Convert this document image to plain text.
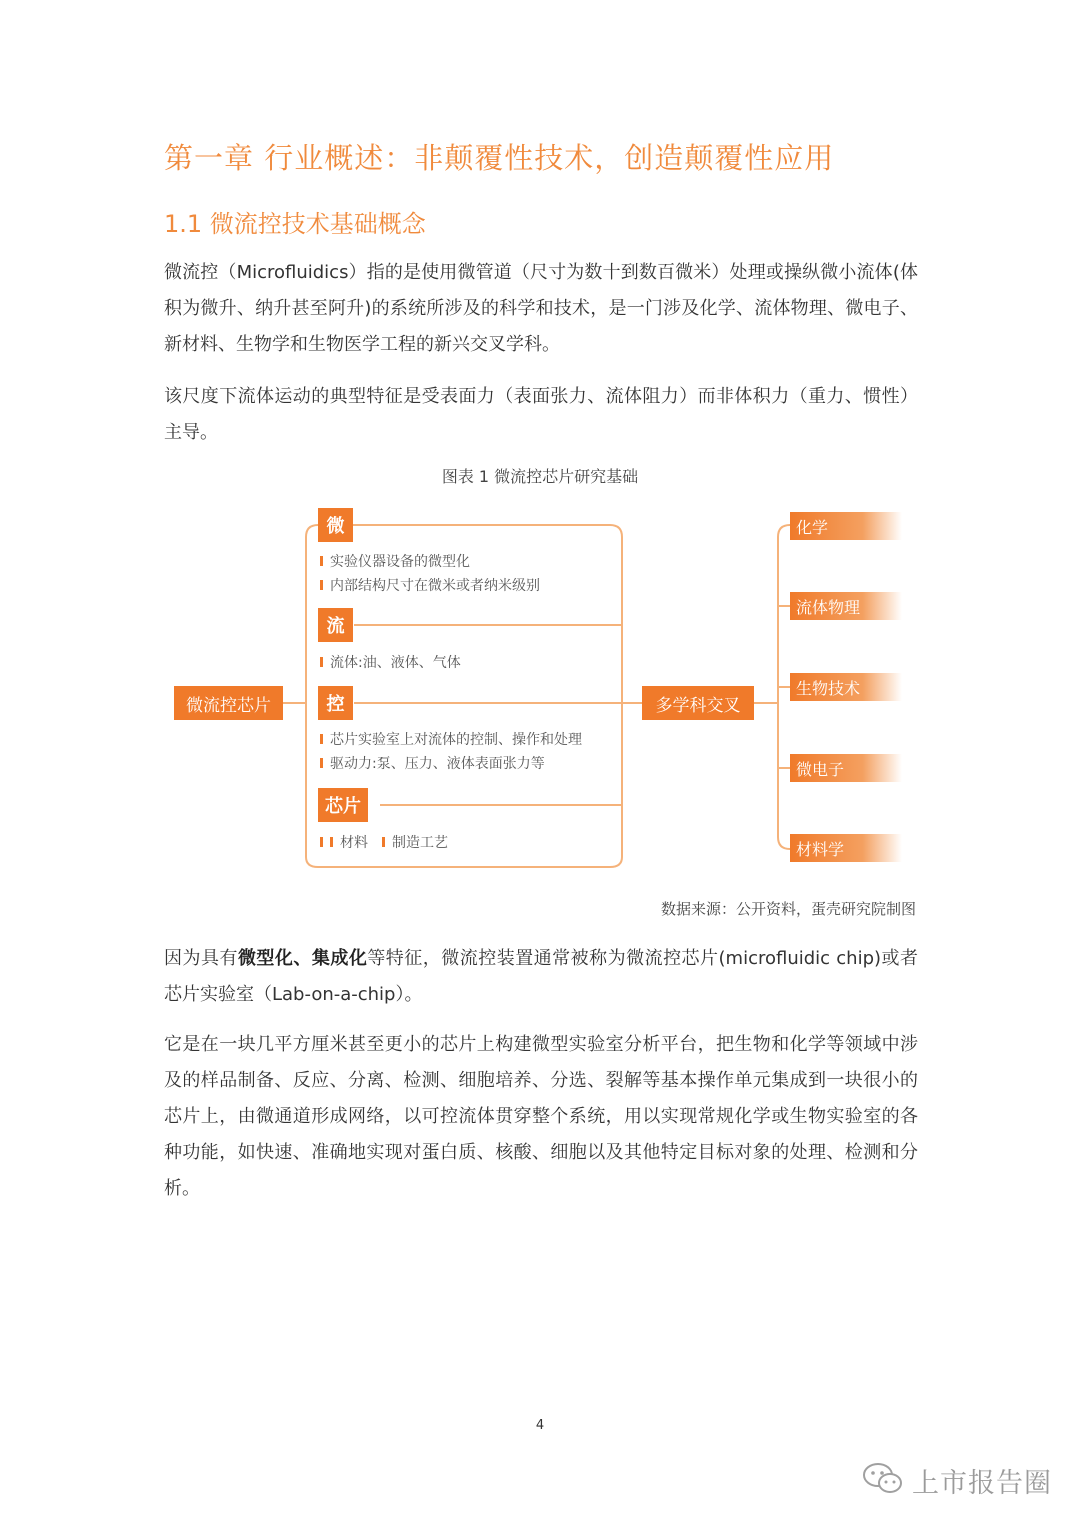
第一章 行业概述：非颠覆性技术，创造颠覆性应用
1.1 微流控技术基础概念

微流控（Microfluidics）指的是使用微管道（尺寸为数十到数百微米）处理或操纵微小流体(体积为微升、纳升甚至阿升)的系统所涉及的科学和技术，是一门涉及化学、流体物理、微电子、新材料、生物学和生物医学工程的新兴交叉学科。

该尺度下流体运动的典型特征是受表面力（表面张力、流体阻力）而非体积力（重力、惯性）主导。

图表 1 微流控芯片研究基础
微流控芯片	多学科交叉
微
实验仪器设备的微型化
内部结构尺寸在微米或者纳米级别
流
流体:油、液体、气体
控
芯片实验室上对流体的控制、操作和处理
驱动力:泵、压力、液体表面张力等
芯片
材料	制造工艺
化学
流体物理
生物技术
微电子
材料学
数据来源：公开资料，蛋壳研究院制图

因为具有微型化、集成化等特征，微流控装置通常被称为微流控芯片(microfluidic chip)或者芯片实验室（Lab-on-a-chip）。

它是在一块几平方厘米甚至更小的芯片上构建微型实验室分析平台，把生物和化学等领域中涉及的样品制备、反应、分离、检测、细胞培养、分选、裂解等基本操作单元集成到一块很小的芯片上，由微通道形成网络，以可控流体贯穿整个系统，用以实现常规化学或生物实验室的各种功能，如快速、准确地实现对蛋白质、核酸、细胞以及其他特定目标对象的处理、检测和分析。

4
上市报告圈
